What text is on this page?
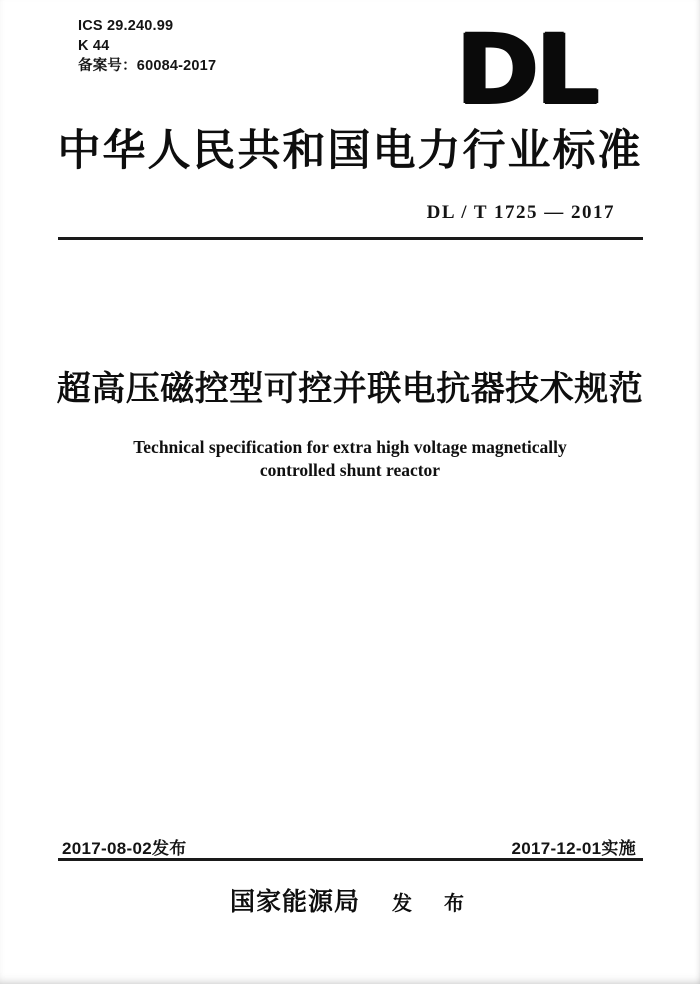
ICS 29.240.99
K 44
备案号：60084-2017 DL
中华人民共和国电力行业标准
DL / T 1725 — 2017
超高压磁控型可控并联电抗器技术规范
Technical specification for extra high voltage magnetically
controlled shunt reactor
2017-08-02发布	2017-12-01实施
国家能源局 发　布
